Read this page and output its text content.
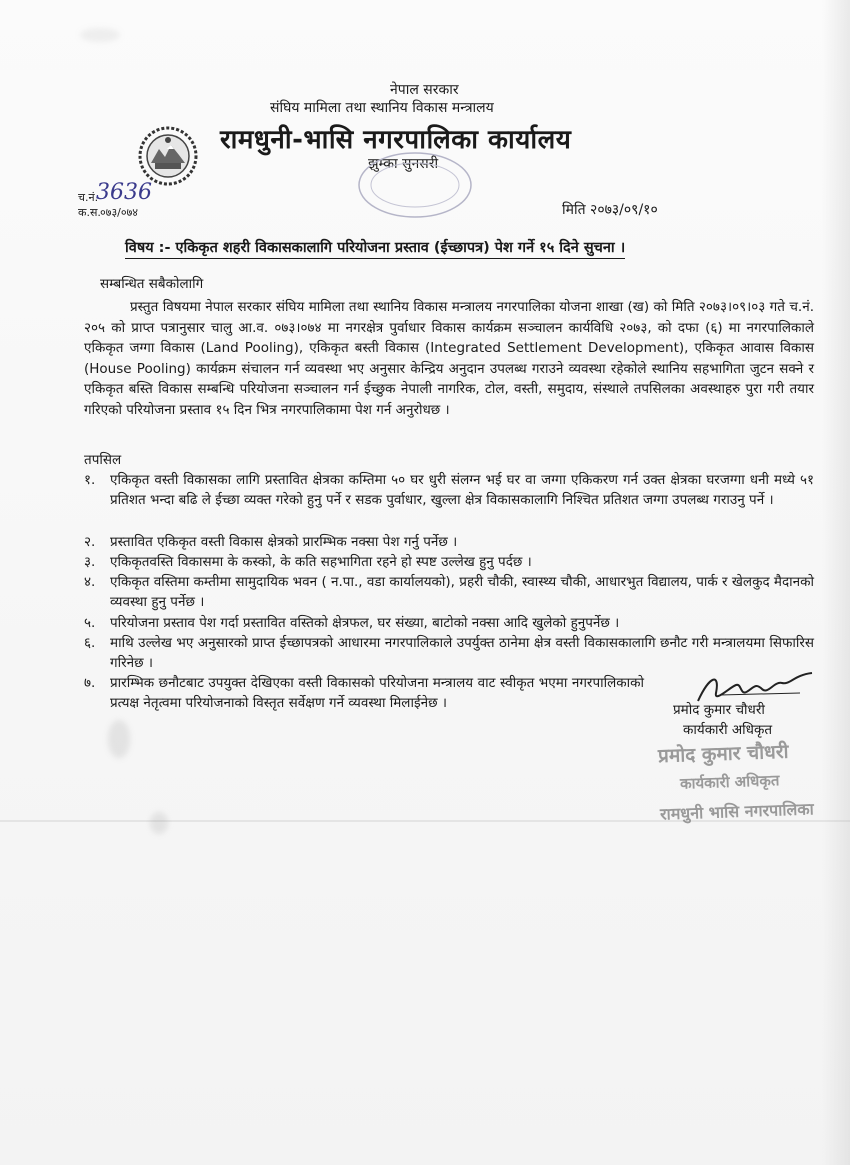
नेपाल सरकार
संघिय मामिला तथा स्थानिय विकास मन्त्रालय
रामधुनी-भासि नगरपालिका कार्यालय
झुम्का सुनसरी
च.नं.
3636
क.स. ०७३/०७४	मिति २०७३/०९/१०
विषय :- एकिकृत शहरी विकासकालागि परियोजना प्रस्ताव (ईच्छापत्र) पेश गर्ने १५ दिने सुचना ।
सम्बन्धित सबैकोलागि
प्रस्तुत विषयमा नेपाल सरकार संघिय मामिला तथा स्थानिय विकास मन्त्रालय नगरपालिका योजना शाखा (ख) को मिति २०७३।०९।०३ गते च.नं. २०५ को प्राप्त पत्रानुसार चालु आ.व. ०७३।०७४ मा नगरक्षेत्र पुर्वाधार विकास कार्यक्रम सञ्चालन कार्यविधि २०७३, को दफा (६) मा नगरपालिकाले एकिकृत जग्गा विकास (Land Pooling), एकिकृत बस्ती विकास (Integrated Settlement Development), एकिकृत आवास विकास (House Pooling) कार्यक्रम संचालन गर्न व्यवस्था भए अनुसार केन्द्रिय अनुदान उपलब्ध गराउने व्यवस्था रहेकोले स्थानिय सहभागिता जुटन सक्ने र एकिकृत बस्ति विकास सम्बन्धि परियोजना सञ्चालन गर्न ईच्छुक नेपाली नागरिक, टोल, वस्ती, समुदाय, संस्थाले तपसिलका अवस्थाहरु पुरा गरी तयार गरिएको परियोजना प्रस्ताव १५ दिन भित्र नगरपालिकामा पेश गर्न अनुरोधछ ।
तपसिल
१.	एकिकृत वस्ती विकासका लागि प्रस्तावित क्षेत्रका कम्तिमा ५० घर धुरी संलग्न भई घर वा जग्गा एकिकरण गर्न उक्त क्षेत्रका घरजग्गा धनी मध्ये ५१ प्रतिशत भन्दा बढि ले ईच्छा व्यक्त गरेको हुनु पर्ने र सडक पुर्वाधार, खुल्ला क्षेत्र विकासकालागि निश्चित प्रतिशत जग्गा उपलब्ध गराउनु पर्ने ।
२.	प्रस्तावित एकिकृत वस्ती विकास क्षेत्रको प्रारम्भिक नक्सा पेश गर्नु पर्नेछ ।
३.	एकिकृतवस्ति विकासमा के कस्को, के कति सहभागिता रहने हो स्पष्ट उल्लेख हुनु पर्दछ ।
४.	एकिकृत वस्तिमा कम्तीमा सामुदायिक भवन ( न.पा., वडा कार्यालयको), प्रहरी चौकी, स्वास्थ्य चौकी, आधारभुत विद्यालय, पार्क र खेलकुद मैदानको व्यवस्था हुनु पर्नेछ ।
५.	परियोजना प्रस्ताव पेश गर्दा प्रस्तावित वस्तिको क्षेत्रफल, घर संख्या, बाटोको नक्सा आदि खुलेको हुनुपर्नेछ ।
६.	माथि उल्लेख भए अनुसारको प्राप्त ईच्छापत्रको आधारमा नगरपालिकाले उपर्युक्त ठानेमा क्षेत्र वस्ती विकासकालागि छनौट गरी मन्त्रालयमा सिफारिस गरिनेछ ।
७.	प्रारम्भिक छनौटबाट उपयुक्त देखिएका वस्ती विकासको परियोजना मन्त्रालय वाट स्वीकृत भएमा नगरपालिकाको प्रत्यक्ष नेतृत्वमा परियोजनाको विस्तृत सर्वेक्षण गर्ने व्यवस्था मिलाईनेछ ।	प्रमोद कुमार चौधरी
कार्यकारी अधिकृत
प्रमोद कुमार चौधरी
कार्यकारी अधिकृत
रामधुनी भासि नगरपालिका
